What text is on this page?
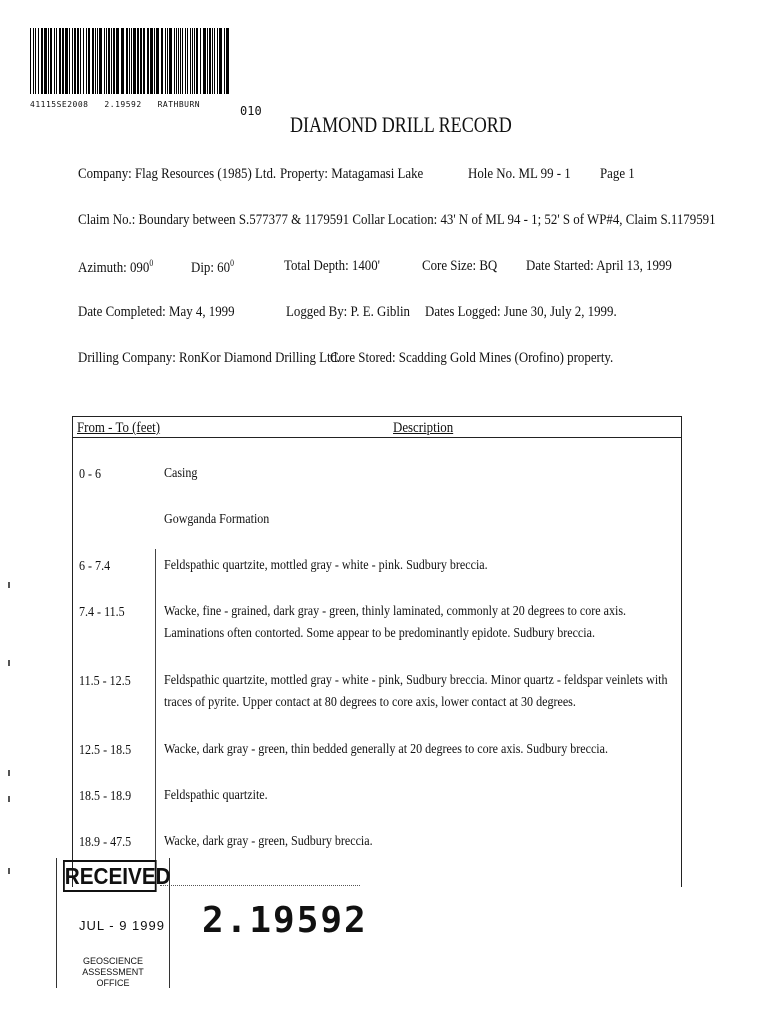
41115SE2008   2.19592   RATHBURN	010
DIAMOND DRILL RECORD
Company: Flag Resources (1985) Ltd. Property: Matagamasi Lake	Hole No. ML 99 - 1 Page 1
Claim No.: Boundary between S.577377 & 1179591 Collar Location: 43' N of ML 94 - 1; 52' S of WP#4, Claim S.1179591
Azimuth: $090^0$	Dip: $60^0$	Total Depth: 1400'	Core Size: BQ Date Started: April 13, 1999
Date Completed: May 4, 1999	Logged By: P. E. Giblin Dates Logged: June 30, July 2, 1999.
Drilling Company: RonKor Diamond Drilling Ltd.
Core Stored: Scadding Gold Mines (Orofino) property.
From - To (feet)	Description
0 - 6	Casing
Gowganda Formation
6 - 7.4	Feldspathic quartzite, mottled gray - white - pink. Sudbury breccia.
7.4 - 11.5	Wacke, fine - grained, dark gray - green, thinly laminated, commonly at 20 degrees to core axis. Laminations often contorted. Some appear to be predominantly epidote. Sudbury breccia.
11.5 - 12.5 Feldspathic quartzite, mottled gray - white - pink, Sudbury breccia. Minor quartz - feldspar veinlets with traces of pyrite. Upper contact at 80 degrees to core axis, lower contact at 30 degrees.
12.5 - 18.5 Wacke, dark gray - green, thin bedded generally at 20 degrees to core axis. Sudbury breccia.
18.5 - 18.9 Feldspathic quartzite.
18.9 - 47.5 Wacke, dark gray - green, Sudbury breccia.
RECEIVED
JUL - 9 1999
GEOSCIENCE ASSESSMENT
OFFICE
2.19592
